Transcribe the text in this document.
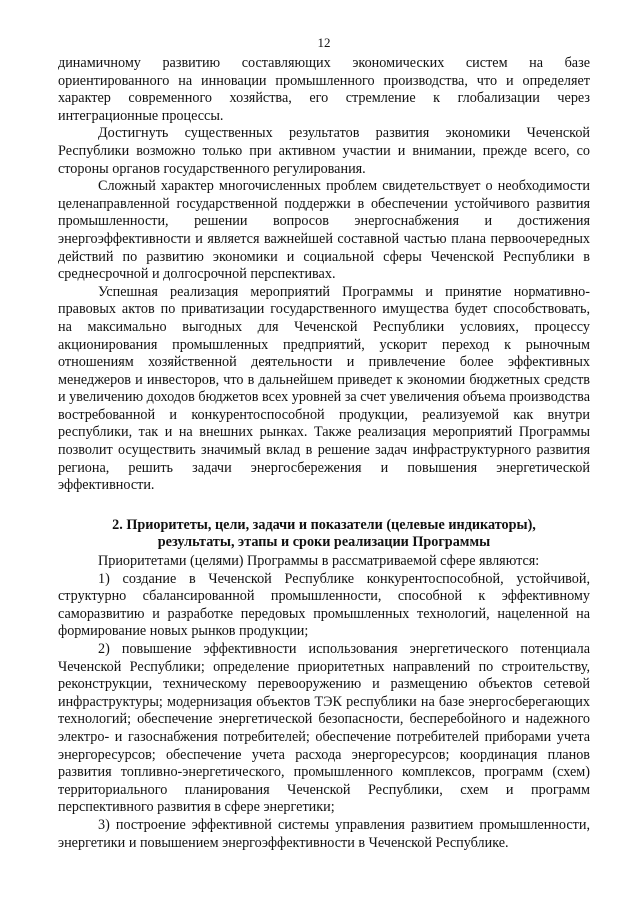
12

динамичному развитию составляющих экономических систем на базе ориентированного на инновации промышленного производства, что и определяет характер современного хозяйства, его стремление к глобализации через интеграционные процессы.

Достигнуть существенных результатов развития экономики Чеченской Республики возможно только при активном участии и внимании, прежде всего, со стороны органов государственного регулирования.

Сложный характер многочисленных проблем свидетельствует о необходимости целенаправленной государственной поддержки в обеспечении устойчивого развития промышленности, решении вопросов энергоснабжения и достижения энергоэффективности и является важнейшей составной частью плана первоочередных действий по развитию экономики и социальной сферы Чеченской Республики в среднесрочной и долгосрочной перспективах.

Успешная реализация мероприятий Программы и принятие нормативно-правовых актов по приватизации государственного имущества будет способствовать, на максимально выгодных для Чеченской Республики условиях, процессу акционирования промышленных предприятий, ускорит переход к рыночным отношениям хозяйственной деятельности и привлечение более эффективных менеджеров и инвесторов, что в дальнейшем приведет к экономии бюджетных средств и увеличению доходов бюджетов всех уровней за счет увеличения объема производства востребованной и конкурентоспособной продукции, реализуемой как внутри республики, так и на внешних рынках. Также реализация мероприятий Программы позволит осуществить значимый вклад в решение задач инфраструктурного развития региона, решить задачи энергосбережения и повышения энергетической эффективности.

2. Приоритеты, цели, задачи и показатели (целевые индикаторы),
результаты, этапы и сроки реализации Программы

Приоритетами (целями) Программы в рассматриваемой сфере являются:

1) создание в Чеченской Республике конкурентоспособной, устойчивой, структурно сбалансированной промышленности, способной к эффективному саморазвитию и разработке передовых промышленных технологий, нацеленной на формирование новых рынков продукции;

2) повышение эффективности использования энергетического потенциала Чеченской Республики; определение приоритетных направлений по строительству, реконструкции, техническому перевооружению и размещению объектов сетевой инфраструктуры; модернизация объектов ТЭК республики на базе энергосберегающих технологий; обеспечение энергетической безопасности, бесперебойного и надежного электро- и газоснабжения потребителей; обеспечение потребителей приборами учета энергоресурсов; обеспечение учета расхода энергоресурсов; координация планов развития топливно-энергетического, промышленного комплексов, программ (схем) территориального планирования Чеченской Республики, схем и программ перспективного развития в сфере энергетики;

3) построение эффективной системы управления развитием промышленности, энергетики и повышением энергоэффективности в Чеченской Республике.
